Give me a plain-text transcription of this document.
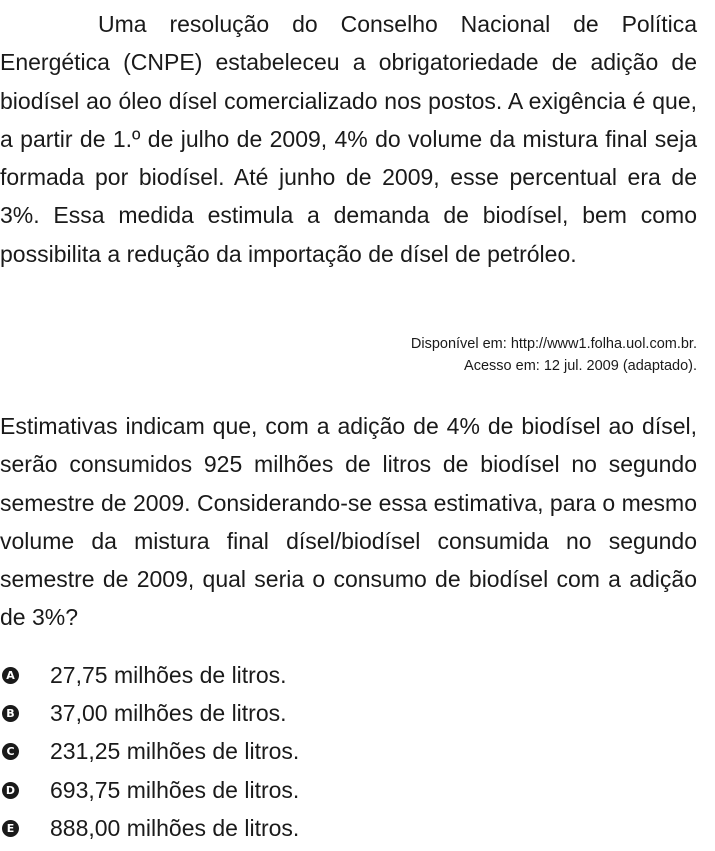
Uma resolução do Conselho Nacional de Política Energética (CNPE) estabeleceu a obrigatoriedade de adição de biodísel ao óleo dísel comercializado nos postos. A exigência é que, a partir de 1.º de julho de 2009, 4% do volume da mistura final seja formada por biodísel. Até junho de 2009, esse percentual era de 3%. Essa medida estimula a demanda de biodísel, bem como possibilita a redução da importação de dísel de petróleo.

Disponível em: http://www1.folha.uol.com.br.
Acesso em: 12 jul. 2009 (adaptado).

Estimativas indicam que, com a adição de 4% de biodísel ao dísel, serão consumidos 925 milhões de litros de biodísel no segundo semestre de 2009. Considerando-se essa estimativa, para o mesmo volume da mistura final dísel/biodísel consumida no segundo semestre de 2009, qual seria o consumo de biodísel com a adição de 3%?

A 27,75 milhões de litros.
B 37,00 milhões de litros.
C 231,25 milhões de litros.
D 693,75 milhões de litros.
E 888,00 milhões de litros.
